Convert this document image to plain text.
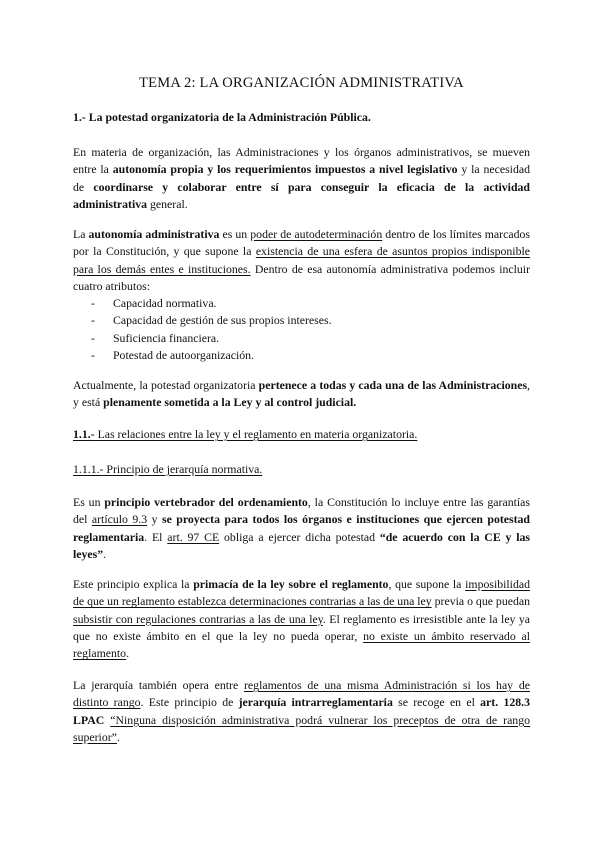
TEMA 2: LA ORGANIZACIÓN ADMINISTRATIVA
1.- La potestad organizatoria de la Administración Pública.
En materia de organización, las Administraciones y los órganos administrativos, se mueven entre la autonomía propia y los requerimientos impuestos a nivel legislativo y la necesidad de coordinarse y colaborar entre sí para conseguir la eficacia de la actividad administrativa general.
La autonomía administrativa es un poder de autodeterminación dentro de los límites marcados por la Constitución, y que supone la existencia de una esfera de asuntos propios indisponible para los demás entes e instituciones. Dentro de esa autonomía administrativa podemos incluir cuatro atributos:
- Capacidad normativa.
- Capacidad de gestión de sus propios intereses.
- Suficiencia financiera.
- Potestad de autoorganización.
Actualmente, la potestad organizatoria pertenece a todas y cada una de las Administraciones, y está plenamente sometida a la Ley y al control judicial.
1.1.- Las relaciones entre la ley y el reglamento en materia organizatoria.
1.1.1.- Principio de jerarquía normativa.
Es un principio vertebrador del ordenamiento, la Constitución lo incluye entre las garantías del artículo 9.3 y se proyecta para todos los órganos e instituciones que ejercen potestad reglamentaria. El art. 97 CE obliga a ejercer dicha potestad “de acuerdo con la CE y las leyes”.
Este principio explica la primacía de la ley sobre el reglamento, que supone la imposibilidad de que un reglamento establezca determinaciones contrarias a las de una ley previa o que puedan subsistir con regulaciones contrarias a las de una ley. El reglamento es irresistible ante la ley ya que no existe ámbito en el que la ley no pueda operar, no existe un ámbito reservado al reglamento.
La jerarquía también opera entre reglamentos de una misma Administración si los hay de distinto rango. Este principio de jerarquía intrarreglamentaria se recoge en el art. 128.3 LPAC “Ninguna disposición administrativa podrá vulnerar los preceptos de otra de rango superior”.
